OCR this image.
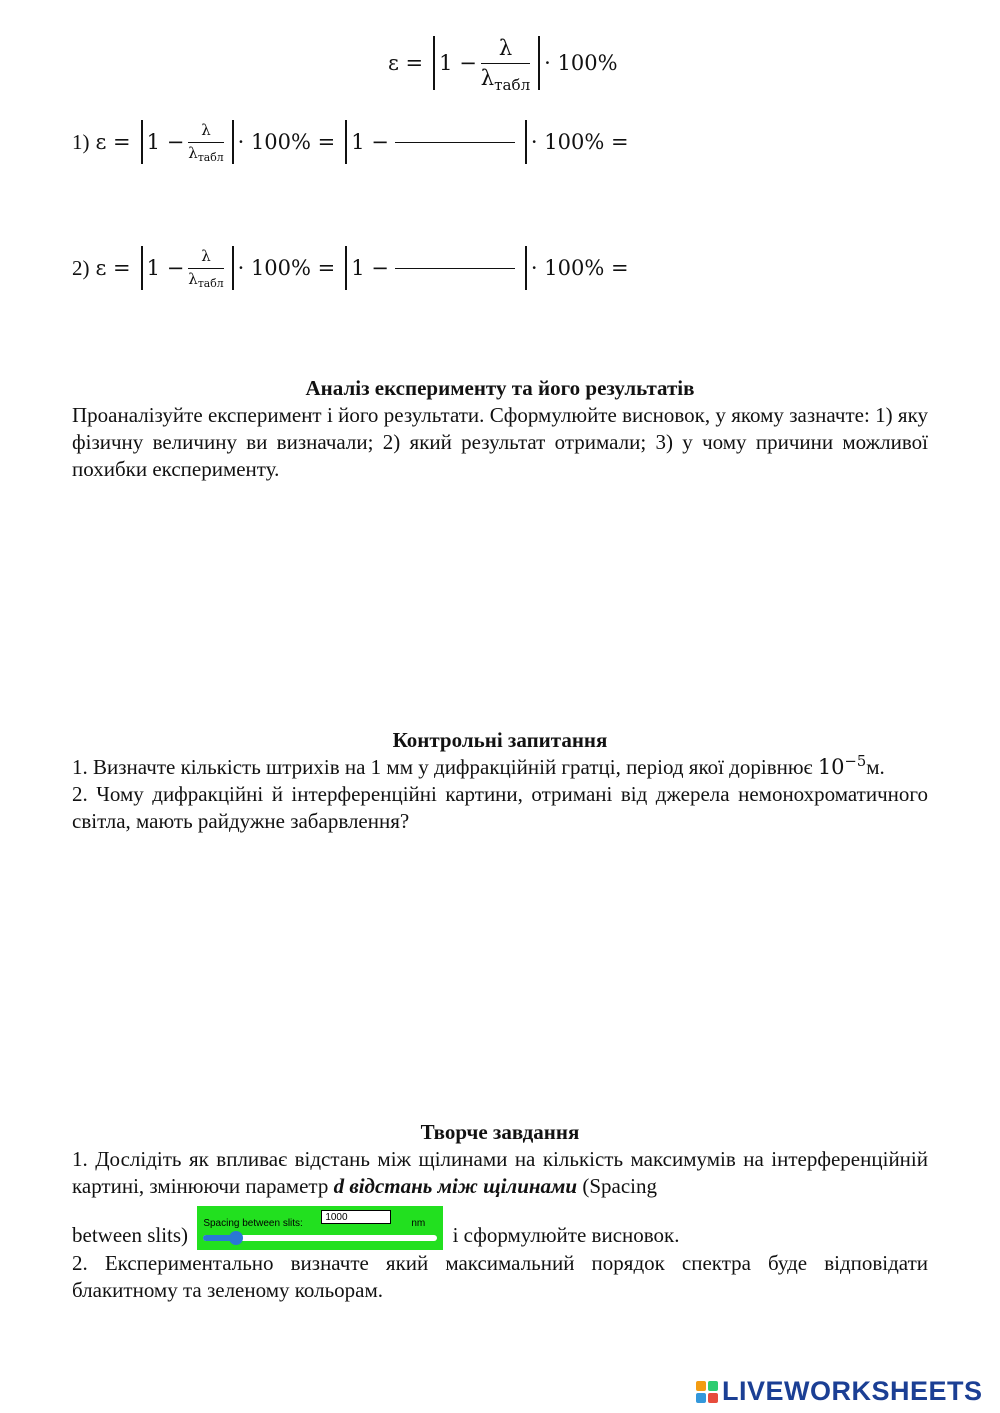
$\varepsilon = 1 - \frac{\lambda}{\lambda_{табл}} \cdot 100\%$
1) $\varepsilon = 1 - \frac{\lambda}{\lambda_{табл}} \cdot 100\% = 1$ −	· 100% =
2) $\varepsilon = 1 - \frac{\lambda}{\lambda_{табл}} \cdot 100\% = 1$ −	· 100% =
Аналіз експерименту та його результатів

Проаналізуйте експеримент і його результати. Сформулюйте висновок, у якому зазначте: 1) яку фізичну величину ви визначали; 2) який результат отримали; 3) у чому причини можливої похибки експерименту.

Контрольні запитання

1. Визначте кількість штрихів на 1 мм у дифракційній гратці, період якої дорівнює $10^{-5}м$.

2. Чому дифракційні й інтерференційні картини, отримані від джерела немонохроматичного світла, мають райдужне забарвлення?

Творче завдання

1. Дослідіть як впливає відстань між щілинами на кількість максимумів на інтерференційній картині, змінюючи параметр d відстань між щілинами (Spacing

between slits) Spacing between slits:
1000
nm і сформулюйте висновок.

2. Експериментально визначте який максимальний порядок спектра буде відповідати блакитному та зеленому кольорам.

LIVEWORKSHEETS
